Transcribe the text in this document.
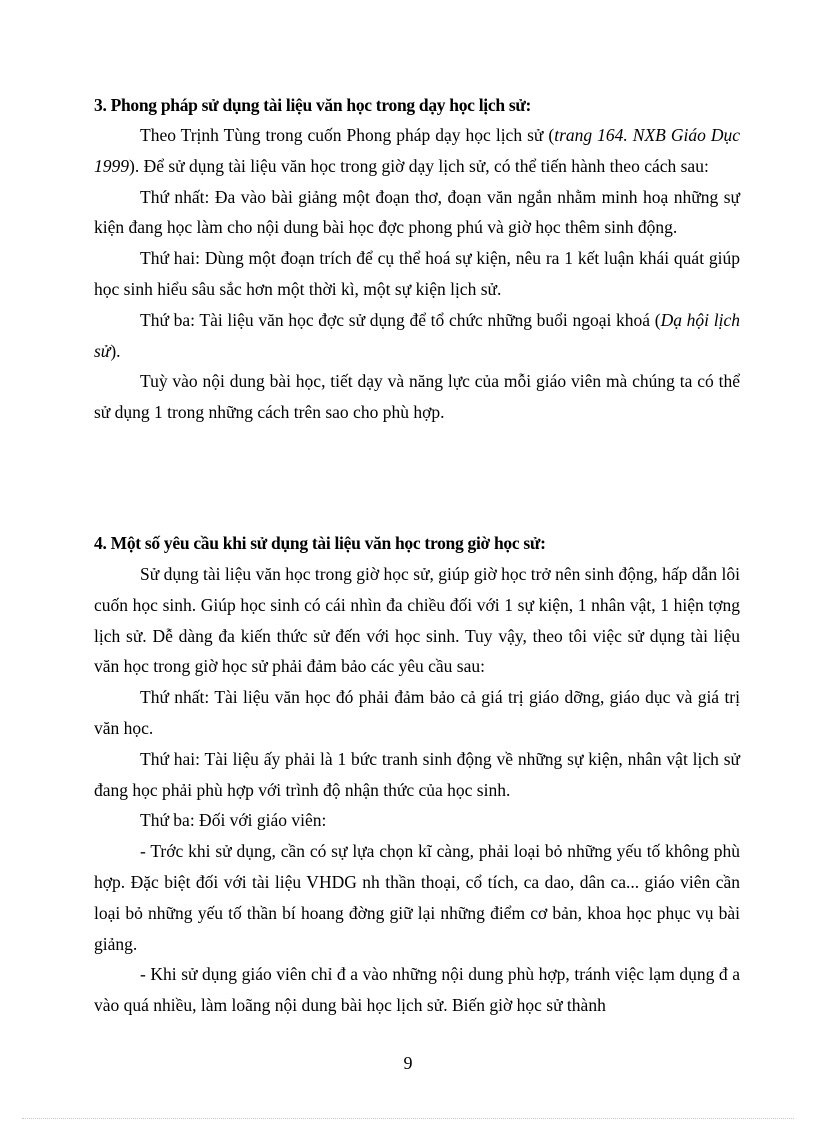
3. Phong pháp sử dụng tài liệu văn học trong dạy học lịch sử:

Theo Trịnh Tùng trong cuốn Phong pháp dạy học lịch sử (trang 164. NXB Giáo Dục 1999). Để sử dụng tài liệu văn học trong giờ dạy lịch sử, có thể tiến hành theo cách sau:

Thứ nhất: Đa vào bài giảng một đoạn thơ, đoạn văn ngắn nhằm minh hoạ những sự kiện đang học làm cho nội dung bài học đợc phong phú và giờ học thêm sinh động.

Thứ hai: Dùng một đoạn trích để cụ thể hoá sự kiện, nêu ra 1 kết luận khái quát giúp học sinh hiểu sâu sắc hơn một thời kì, một sự kiện lịch sử.

Thứ ba: Tài liệu văn học đợc sử dụng để tổ chức những buổi ngoại khoá (Dạ hội lịch sử).

Tuỳ vào nội dung bài học, tiết dạy và năng lực của mỗi giáo viên mà chúng ta có thể sử dụng 1 trong những cách trên sao cho phù hợp.

4. Một số yêu cầu khi sử dụng tài liệu văn học trong giờ học sử:

Sử dụng tài liệu văn học trong giờ học sử, giúp giờ học trở nên sinh động, hấp dẫn lôi cuốn học sinh. Giúp học sinh có cái nhìn đa chiều đối với 1 sự kiện, 1 nhân vật, 1 hiện tợng lịch sử. Dễ dàng đa kiến thức sử đến với học sinh. Tuy vậy, theo tôi việc sử dụng tài liệu văn học trong giờ học sử phải đảm bảo các yêu cầu sau:

Thứ nhất: Tài liệu văn học đó phải đảm bảo cả giá trị giáo dỡng, giáo dục và giá trị văn học.

Thứ hai: Tài liệu ấy phải là 1 bức tranh sinh động về những sự kiện, nhân vật lịch sử đang học phải phù hợp với trình độ nhận thức của học sinh.

Thứ ba: Đối với giáo viên:

- Trớc khi sử dụng, cần có sự lựa chọn kĩ càng, phải loại bỏ những yếu tố không phù hợp. Đặc biệt đối với tài liệu VHDG nh thần thoại, cổ tích, ca dao, dân ca... giáo viên cần loại bỏ những yếu tố thần bí hoang đờng giữ lại những điểm cơ bản, khoa học phục vụ bài giảng.

- Khi sử dụng giáo viên chỉ đ a vào những nội dung phù hợp, tránh việc lạm dụng đ a vào quá nhiều, làm loãng nội dung bài học lịch sử. Biến giờ học sử thành

9
